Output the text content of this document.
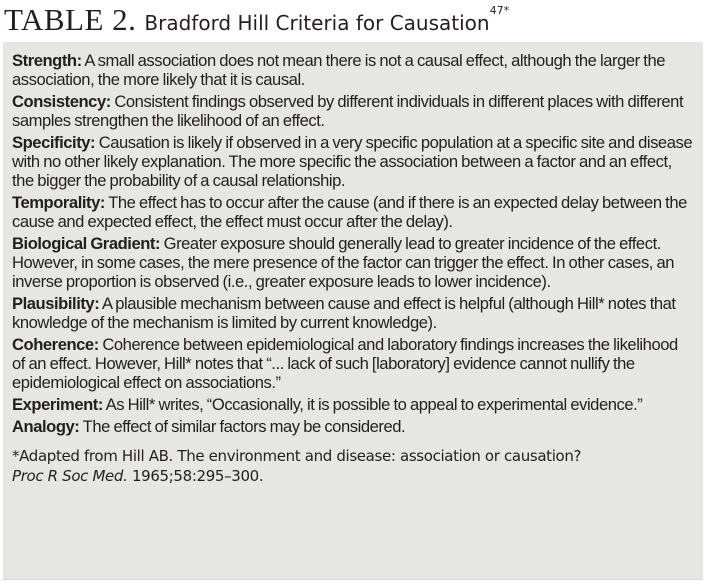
TABLE 2. Bradford Hill Criteria for Causation$^{47*}$
Strength: A small association does not mean there is not a causal effect, although the larger the association, the more likely that it is causal.
Consistency: Consistent findings observed by different individuals in different places with different samples strengthen the likelihood of an effect.
Specificity: Causation is likely if observed in a very specific population at a specific site and disease with no other likely explanation. The more specific the association between a factor and an effect, the bigger the probability of a causal relationship.
Temporality: The effect has to occur after the cause (and if there is an expected delay between the cause and expected effect, the effect must occur after the delay).
Biological Gradient: Greater exposure should generally lead to greater incidence of the effect. However, in some cases, the mere presence of the factor can trigger the effect. In other cases, an inverse proportion is observed (i.e., greater exposure leads to lower incidence).
Plausibility: A plausible mechanism between cause and effect is helpful (although Hill* notes that knowledge of the mechanism is limited by current knowledge).
Coherence: Coherence between epidemiological and laboratory findings increases the likelihood of an effect. However, Hill* notes that “... lack of such [laboratory] evidence cannot nullify the epidemiological effect on associations.”
Experiment: As Hill* writes, “Occasionally, it is possible to appeal to experimental evidence.”
Analogy: The effect of similar factors may be considered.
*Adapted from Hill AB. The environment and disease: association or causation?
Proc R Soc Med. 1965;58:295–300.
